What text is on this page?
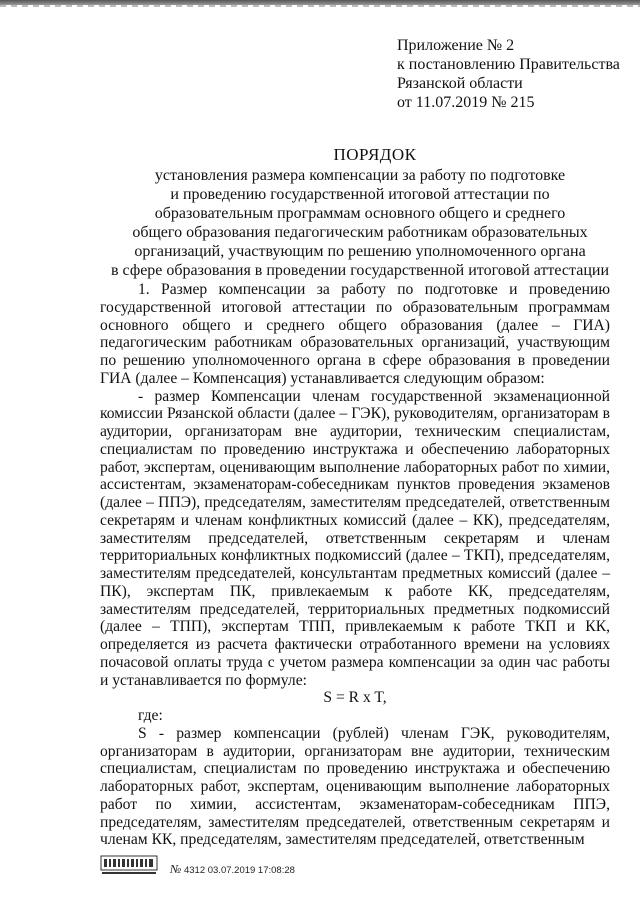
Приложение № 2
к постановлению Правительства
Рязанской области
от 11.07.2019 № 215
ПОРЯДОК
установления размера компенсации за работу по подготовке
и проведению государственной итоговой аттестации по
образовательным программам основного общего и среднего
общего образования педагогическим работникам образовательных
организаций, участвующим по решению уполномоченного органа
в сфере образования в проведении государственной итоговой аттестации

1. Размер компенсации за работу по подготовке и проведению государственной итоговой аттестации по образовательным программам основного общего и среднего общего образования (далее – ГИА) педагогическим работникам образовательных организаций, участвующим по решению уполномоченного органа в сфере образования в проведении ГИА (далее – Компенсация) устанавливается следующим образом:

- размер Компенсации членам государственной экзаменационной комиссии Рязанской области (далее – ГЭК), руководителям, организаторам в аудитории, организаторам вне аудитории, техническим специалистам, специалистам по проведению инструктажа и обеспечению лабораторных работ, экспертам, оценивающим выполнение лабораторных работ по химии, ассистентам, экзаменаторам-собеседникам пунктов проведения экзаменов (далее – ППЭ), председателям, заместителям председателей, ответственным секретарям и членам конфликтных комиссий (далее – КК), председателям, заместителям председателей, ответственным секретарям и членам территориальных конфликтных подкомиссий (далее – ТКП), председателям, заместителям председателей, консультантам предметных комиссий (далее – ПК), экспертам ПК, привлекаемым к работе КК, председателям, заместителям председателей, территориальных предметных подкомиссий (далее – ТПП), экспертам ТПП, привлекаемым к работе ТКП и КК, определяется из расчета фактически отработанного времени на условиях почасовой оплаты труда с учетом размера компенсации за один час работы и устанавливается по формуле:

S = R x T,

где:

S - размер компенсации (рублей) членам ГЭК, руководителям, организаторам в аудитории, организаторам вне аудитории, техническим специалистам, специалистам по проведению инструктажа и обеспечению лабораторных работ, экспертам, оценивающим выполнение лабораторных работ по химии, ассистентам, экзаменаторам-собеседникам ППЭ, председателям, заместителям председателей, ответственным секретарям и членам КК, председателям, заместителям председателей, ответственным

№ 4312 03.07.2019 17:08:28
